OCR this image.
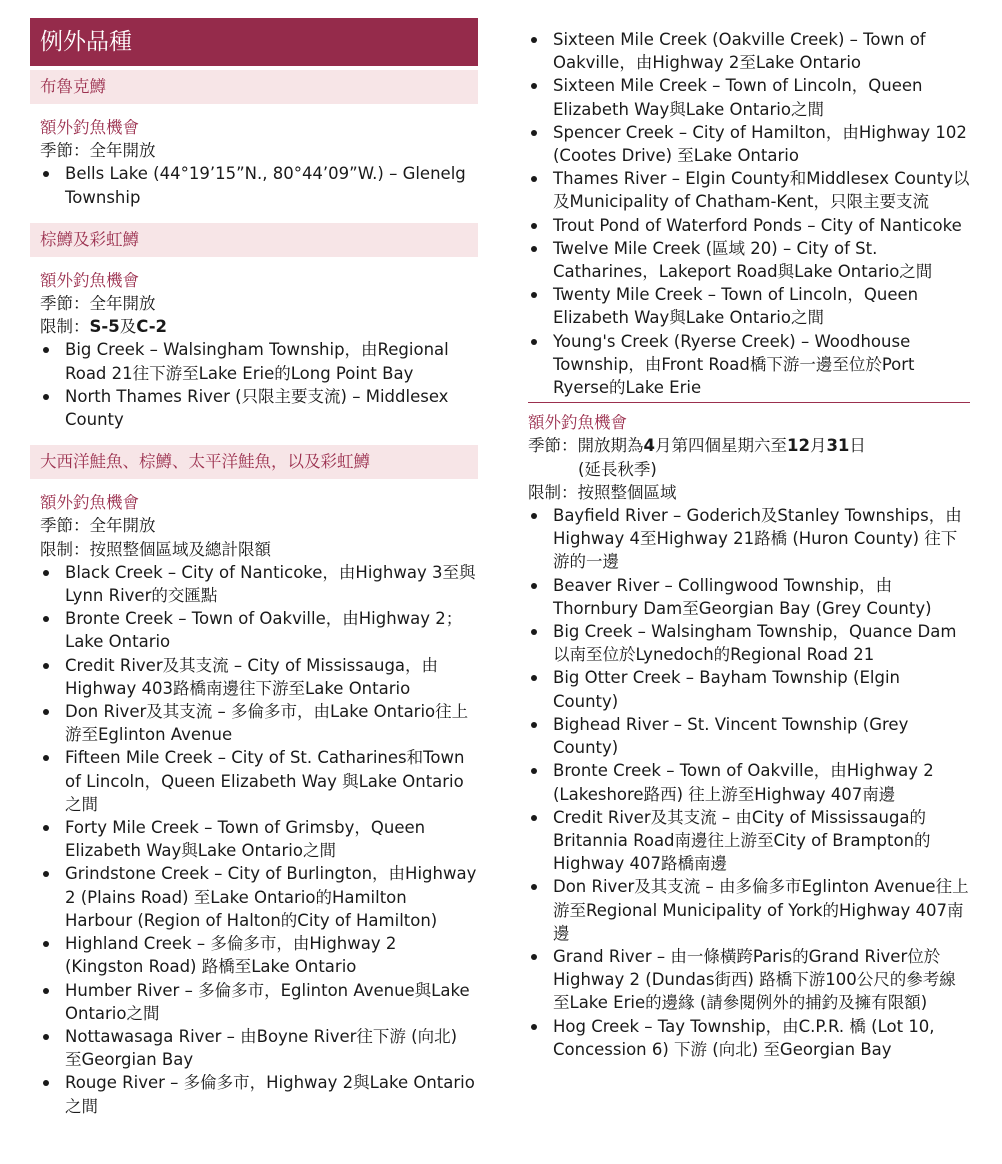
例外品種
布魯克鱒
額外釣魚機會

季節：全年開放

Bells Lake (44°19’15”N., 80°44’09”W.) – Glenelg Township
棕鱒及彩虹鱒
額外釣魚機會

季節：全年開放

限制：S-5及C-2

Big Creek – Walsingham Township，由Regional Road 21往下游至Lake Erie的Long Point Bay
North Thames River (只限主要支流) – Middlesex County
大西洋鮭魚、棕鱒、太平洋鮭魚，以及彩虹鱒
額外釣魚機會

季節：全年開放

限制：按照整個區域及總計限額

Black Creek – City of Nanticoke，由Highway 3至與Lynn River的交匯點
Bronte Creek – Town of Oakville，由Highway 2；Lake Ontario
Credit River及其支流 – City of Mississauga，由Highway 403路橋南邊往下游至Lake Ontario
Don River及其支流 – 多倫多市，由Lake Ontario往上游至Eglinton Avenue
Fifteen Mile Creek – City of St. Catharines和Town of Lincoln，Queen Elizabeth Way 與Lake Ontario之間
Forty Mile Creek – Town of Grimsby，Queen Elizabeth Way與Lake Ontario之間
Grindstone Creek – City of Burlington，由Highway 2 (Plains Road) 至Lake Ontario的Hamilton Harbour (Region of Halton的City of Hamilton)
Highland Creek – 多倫多市，由Highway 2 (Kingston Road) 路橋至Lake Ontario
Humber River – 多倫多市，Eglinton Avenue與Lake Ontario之間
Nottawasaga River – 由Boyne River往下游 (向北) 至Georgian Bay
Rouge River – 多倫多市，Highway 2與Lake Ontario之間
Sixteen Mile Creek (Oakville Creek) – Town of Oakville，由Highway 2至Lake Ontario
Sixteen Mile Creek – Town of Lincoln，Queen Elizabeth Way與Lake Ontario之間
Spencer Creek – City of Hamilton，由Highway 102 (Cootes Drive) 至Lake Ontario
Thames River – Elgin County和Middlesex County以及Municipality of Chatham-Kent，只限主要支流
Trout Pond of Waterford Ponds – City of Nanticoke
Twelve Mile Creek (區域 20) – City of St. Catharines，Lakeport Road與Lake Ontario之間
Twenty Mile Creek – Town of Lincoln，Queen Elizabeth Way與Lake Ontario之間
Young's Creek (Ryerse Creek) – Woodhouse Township，由Front Road橋下游一邊至位於Port Ryerse的Lake Erie
額外釣魚機會

季節：開放期為4月第四個星期六至12月31日

(延長秋季)

限制：按照整個區域

Bayfield River – Goderich及Stanley Townships，由Highway 4至Highway 21路橋 (Huron County) 往下游的一邊
Beaver River – Collingwood Township，由Thornbury Dam至Georgian Bay (Grey County)
Big Creek – Walsingham Township，Quance Dam以南至位於Lynedoch的Regional Road 21
Big Otter Creek – Bayham Township (Elgin County)
Bighead River – St. Vincent Township (Grey County)
Bronte Creek – Town of Oakville，由Highway 2 (Lakeshore路西) 往上游至Highway 407南邊
Credit River及其支流 – 由City of Mississauga的Britannia Road南邊往上游至City of Brampton的Highway 407路橋南邊
Don River及其支流 – 由多倫多市Eglinton Avenue往上游至Regional Municipality of York的Highway 407南邊
Grand River – 由一條橫跨Paris的Grand River位於Highway 2 (Dundas街西) 路橋下游100公尺的參考線至Lake Erie的邊緣 (請參閱例外的捕釣及擁有限額)
Hog Creek – Tay Township，由C.P.R. 橋 (Lot 10, Concession 6) 下游 (向北) 至Georgian Bay
